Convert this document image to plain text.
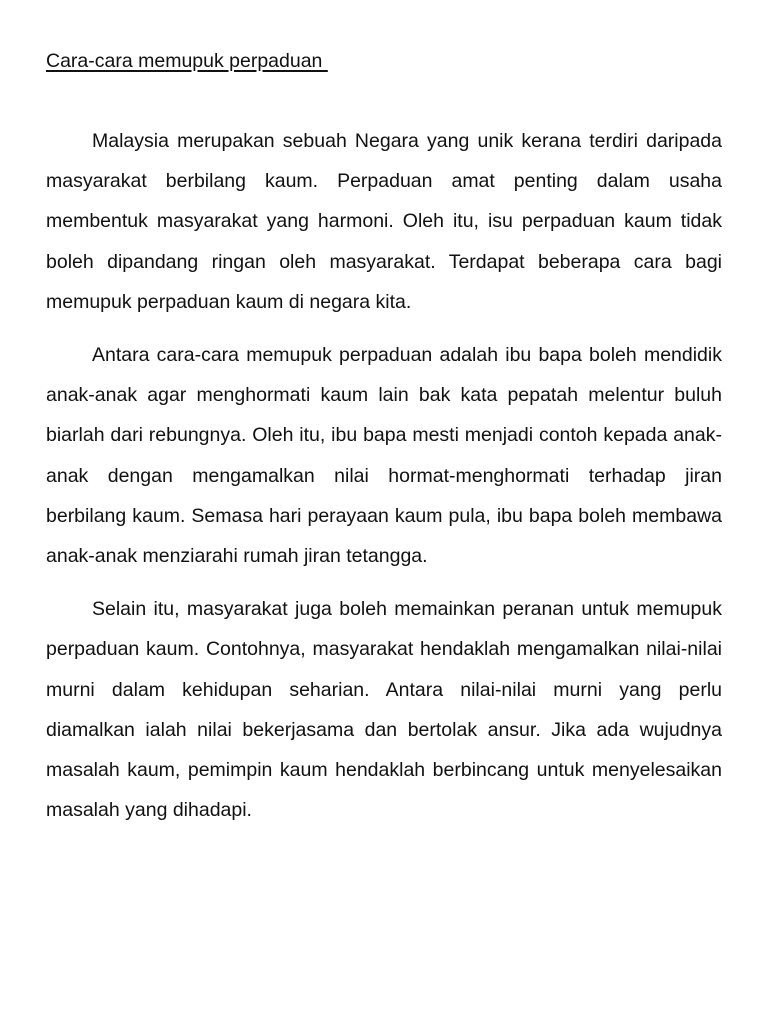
Cara-cara memupuk perpaduan

Malaysia merupakan sebuah Negara yang unik kerana terdiri daripada masyarakat berbilang kaum. Perpaduan amat penting dalam usaha membentuk masyarakat yang harmoni. Oleh itu, isu perpaduan kaum tidak boleh dipandang ringan oleh masyarakat. Terdapat beberapa cara bagi memupuk perpaduan kaum di negara kita.

Antara cara-cara memupuk perpaduan adalah ibu bapa boleh mendidik anak-anak agar menghormati kaum lain bak kata pepatah melentur buluh biarlah dari rebungnya. Oleh itu, ibu bapa mesti menjadi contoh kepada anak-anak dengan mengamalkan nilai hormat-menghormati terhadap jiran berbilang kaum. Semasa hari perayaan kaum pula, ibu bapa boleh membawa anak-anak menziarahi rumah jiran tetangga.

Selain itu, masyarakat juga boleh memainkan peranan untuk memupuk perpaduan kaum. Contohnya, masyarakat hendaklah mengamalkan nilai-nilai murni dalam kehidupan seharian. Antara nilai-nilai murni yang perlu diamalkan ialah nilai bekerjasama dan bertolak ansur. Jika ada wujudnya masalah kaum, pemimpin kaum hendaklah berbincang untuk menyelesaikan masalah yang dihadapi.
